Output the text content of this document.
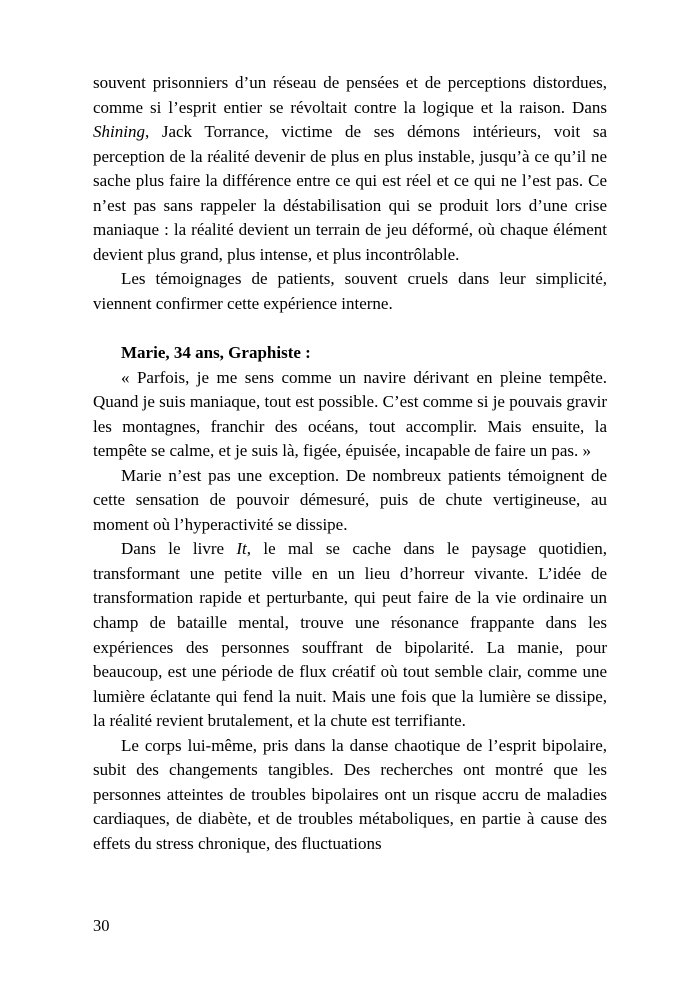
souvent prisonniers d’un réseau de pensées et de perceptions distordues, comme si l’esprit entier se révoltait contre la logique et la raison. Dans Shining, Jack Torrance, victime de ses démons intérieurs, voit sa perception de la réalité devenir de plus en plus instable, jusqu’à ce qu’il ne sache plus faire la différence entre ce qui est réel et ce qui ne l’est pas. Ce n’est pas sans rappeler la déstabilisation qui se produit lors d’une crise maniaque : la réalité devient un terrain de jeu déformé, où chaque élément devient plus grand, plus intense, et plus incontrôlable.

Les témoignages de patients, souvent cruels dans leur simplicité, viennent confirmer cette expérience interne.

Marie, 34 ans, Graphiste :

« Parfois, je me sens comme un navire dérivant en pleine tempête. Quand je suis maniaque, tout est possible. C’est comme si je pouvais gravir les montagnes, franchir des océans, tout accomplir. Mais ensuite, la tempête se calme, et je suis là, figée, épuisée, incapable de faire un pas. »

Marie n’est pas une exception. De nombreux patients témoignent de cette sensation de pouvoir démesuré, puis de chute vertigineuse, au moment où l’hyperactivité se dissipe.

Dans le livre It, le mal se cache dans le paysage quotidien, transformant une petite ville en un lieu d’horreur vivante. L’idée de transformation rapide et perturbante, qui peut faire de la vie ordinaire un champ de bataille mental, trouve une résonance frappante dans les expériences des personnes souffrant de bipolarité. La manie, pour beaucoup, est une période de flux créatif où tout semble clair, comme une lumière éclatante qui fend la nuit. Mais une fois que la lumière se dissipe, la réalité revient brutalement, et la chute est terrifiante.

Le corps lui-même, pris dans la danse chaotique de l’esprit bipolaire, subit des changements tangibles. Des recherches ont montré que les personnes atteintes de troubles bipolaires ont un risque accru de maladies cardiaques, de diabète, et de troubles métaboliques, en partie à cause des effets du stress chronique, des fluctuations

30
